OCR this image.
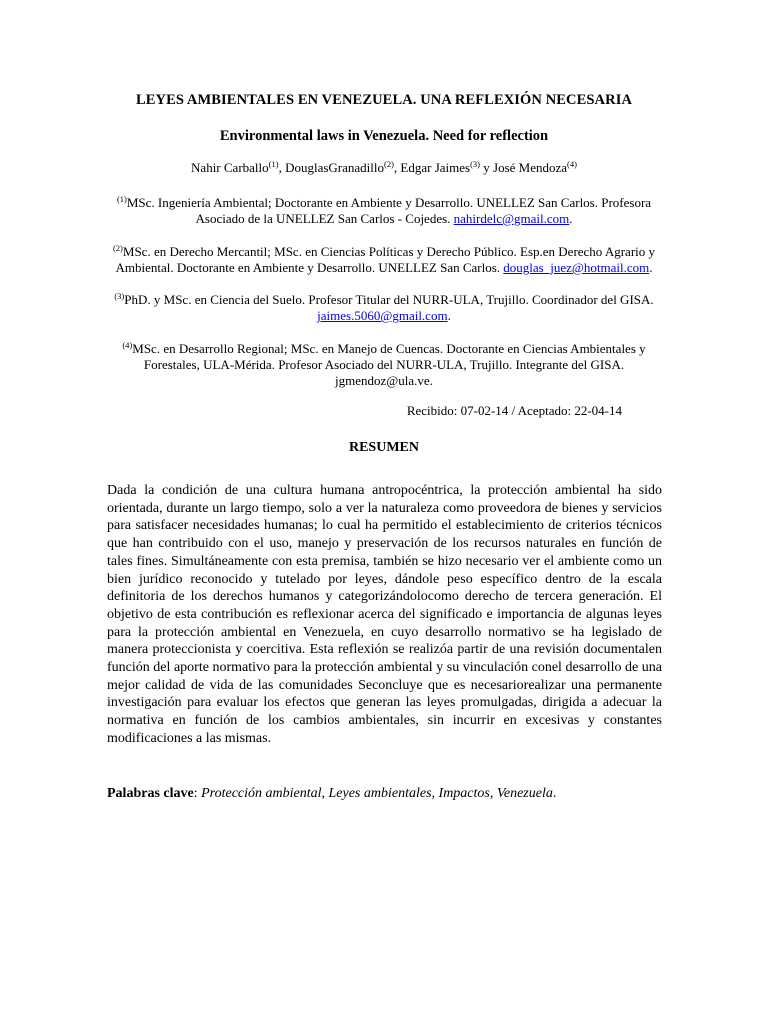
LEYES AMBIENTALES EN VENEZUELA. UNA REFLEXIÓN NECESARIA
Environmental laws in Venezuela. Need for reflection
Nahir Carballo$^{(1)}$, DouglasGranadillo$^{(2)}$, Edgar Jaimes$^{(3)}$ y José Mendoza$^{(4)}$
$^{(1)}$MSc. Ingeniería Ambiental; Doctorante en Ambiente y Desarrollo. UNELLEZ San Carlos. Profesora Asociado de la UNELLEZ San Carlos - Cojedes. nahirdelc@gmail.com.
$^{(2)}$MSc. en Derecho Mercantil; MSc. en Ciencias Políticas y Derecho Público. Esp.en Derecho Agrario y Ambiental. Doctorante en Ambiente y Desarrollo. UNELLEZ San Carlos. douglas_juez@hotmail.com.
$^{(3)}$PhD. y MSc. en Ciencia del Suelo. Profesor Titular del NURR-ULA, Trujillo. Coordinador del GISA. jaimes.5060@gmail.com.
$^{(4)}$MSc. en Desarrollo Regional; MSc. en Manejo de Cuencas. Doctorante en Ciencias Ambientales y Forestales, ULA-Mérida. Profesor Asociado del NURR-ULA, Trujillo. Integrante del GISA. jgmendoz@ula.ve.
Recibido: 07-02-14 / Aceptado: 22-04-14
RESUMEN
Dada la condición de una cultura humana antropocéntrica, la protección ambiental ha sido orientada, durante un largo tiempo, solo a ver la naturaleza como proveedora de bienes y servicios para satisfacer necesidades humanas; lo cual ha permitido el establecimiento de criterios técnicos que han contribuido con el uso, manejo y preservación de los recursos naturales en función de tales fines. Simultáneamente con esta premisa, también se hizo necesario ver el ambiente como un bien jurídico reconocido y tutelado por leyes, dándole peso específico dentro de la escala definitoria de los derechos humanos y categorizándolocomo derecho de tercera generación. El objetivo de esta contribución es reflexionar acerca del significado e importancia de algunas leyes para la protección ambiental en Venezuela, en cuyo desarrollo normativo se ha legislado de manera proteccionista y coercitiva. Esta reflexión se realizóa partir de una revisión documentalen función del aporte normativo para la protección ambiental y su vinculación conel desarrollo de una mejor calidad de vida de las comunidades Seconcluye que es necesariorealizar una permanente investigación para evaluar los efectos que generan las leyes promulgadas, dirigida a adecuar la normativa en función de los cambios ambientales, sin incurrir en excesivas y constantes modificaciones a las mismas.
Palabras clave: Protección ambiental, Leyes ambientales, Impactos, Venezuela.
